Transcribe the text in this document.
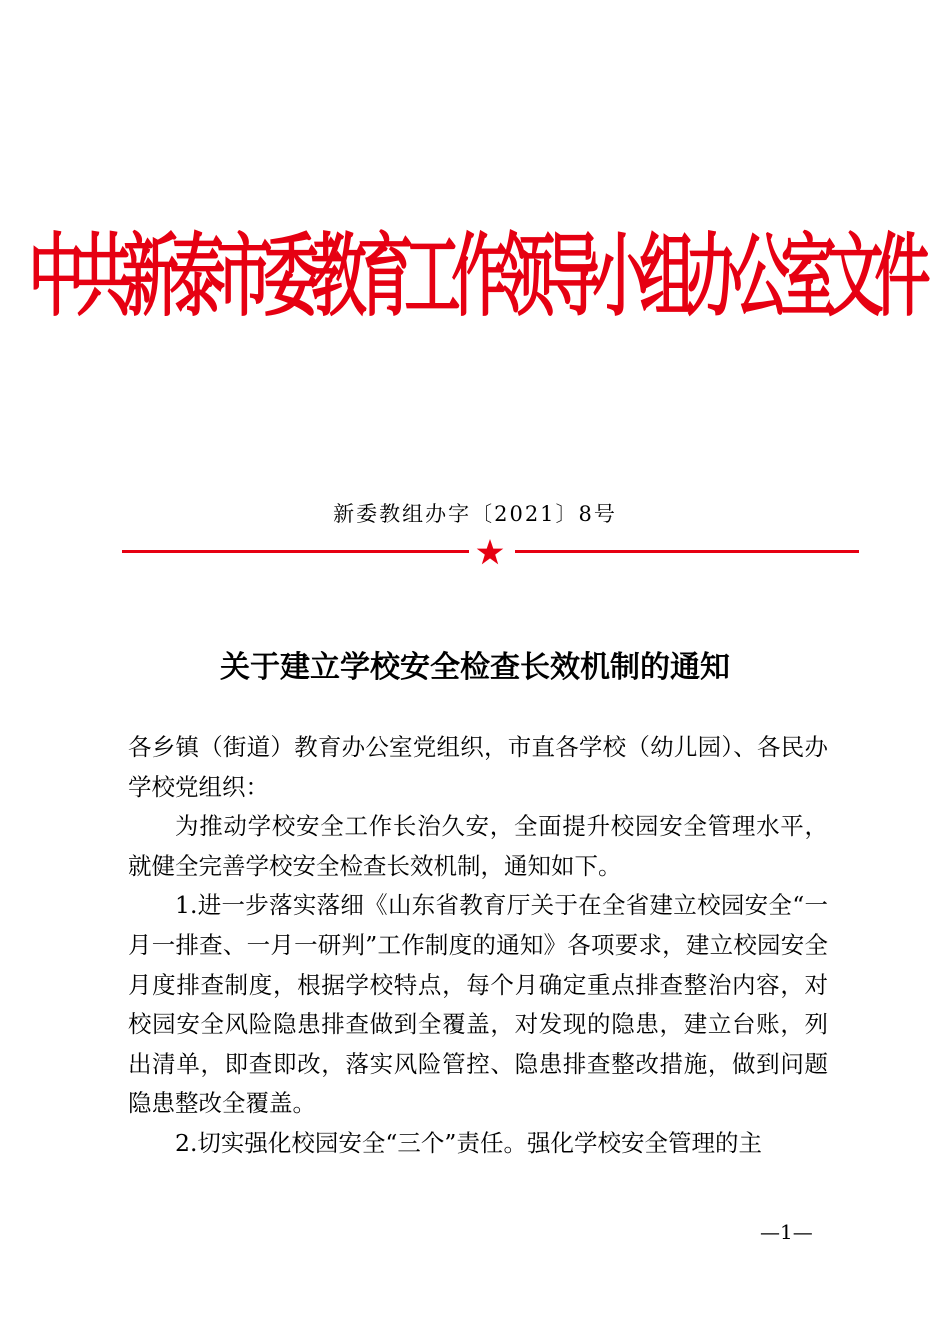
中共新泰市委教育工作领导小组办公室文件
新委教组办字〔2021〕8号
关于建立学校安全检查长效机制的通知

各乡镇（街道）教育办公室党组织，市直各学校（幼儿园）、各民办学校党组织：

为推动学校安全工作长治久安，全面提升校园安全管理水平，就健全完善学校安全检查长效机制，通知如下。

1.进一步落实落细《山东省教育厅关于在全省建立校园安全“一月一排查、一月一研判”工作制度的通知》各项要求，建立校园安全月度排查制度，根据学校特点，每个月确定重点排查整治内容，对校园安全风险隐患排查做到全覆盖，对发现的隐患，建立台账，列出清单，即查即改，落实风险管控、隐患排查整改措施，做到问题隐患整改全覆盖。

2.切实强化校园安全“三个”责任。强化学校安全管理的主

—1—
